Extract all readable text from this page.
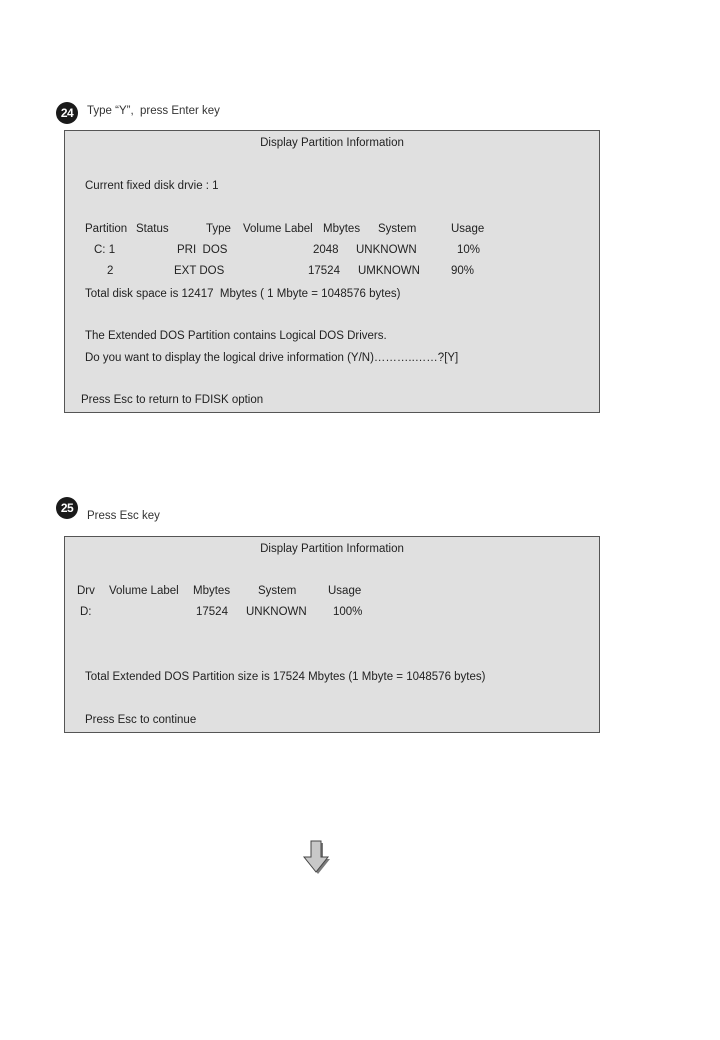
24	Type “Y”,  press Enter key
Display Partition Information
Current fixed disk drvie : 1
Partition Status	Type Volume Label Mbytes System	Usage
C: 1	PRI  DOS	2048 UNKNOWN	10%
2	EXT DOS	17524 UMKNOWN	90%
Total disk space is 12417  Mbytes ( 1 Mbyte = 1048576 bytes)
The Extended DOS Partition contains Logical DOS Drivers.
Do you want to display the logical drive information (Y/N)………..……?[Y]
Press Esc to return to FDISK option
25
Press Esc key
Display Partition Information
Drv Volume Label Mbytes System	Usage
D:	17524 UNKNOWN 100%
Total Extended DOS Partition size is 17524 Mbytes (1 Mbyte = 1048576 bytes)
Press Esc to continue
